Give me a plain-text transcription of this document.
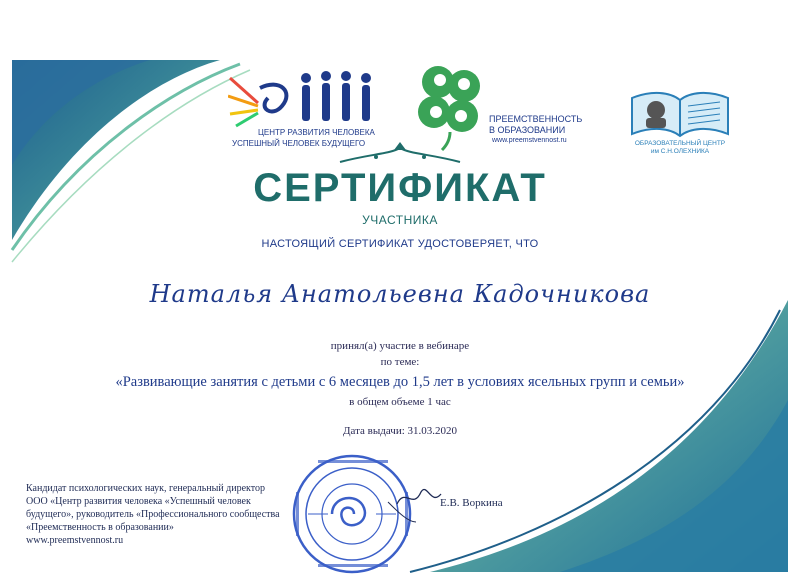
ЦЕНТР РАЗВИТИЯ ЧЕЛОВЕКА
УСПЕШНЫЙ ЧЕЛОВЕК БУДУЩЕГО
ПРЕЕМСТВЕННОСТЬ
В ОБРАЗОВАНИИ
www.preemstvennost.ru	ОБРАЗОВАТЕЛЬНЫЙ ЦЕНТР
им С.Н.ОЛЕХНИКА
СЕРТИФИКАТ
УЧАСТНИКА
НАСТОЯЩИЙ СЕРТИФИКАТ УДОСТОВЕРЯЕТ, ЧТО
Наталья Анатольевна Кадочникова
принял(а) участие в вебинаре
по теме:
«Развивающие занятия с детьми с 6 месяцев до 1,5 лет в условиях ясельных групп и семьи»
в общем объеме 1 час
Дата выдачи: 31.03.2020
Кандидат психологических наук, генеральный директор
ООО «Центр развития человека «Успешный человек
будущего», руководитель «Профессионального сообщества
«Преемственность в образовании»
www.preemstvennost.ru
Е.В. Воркина
